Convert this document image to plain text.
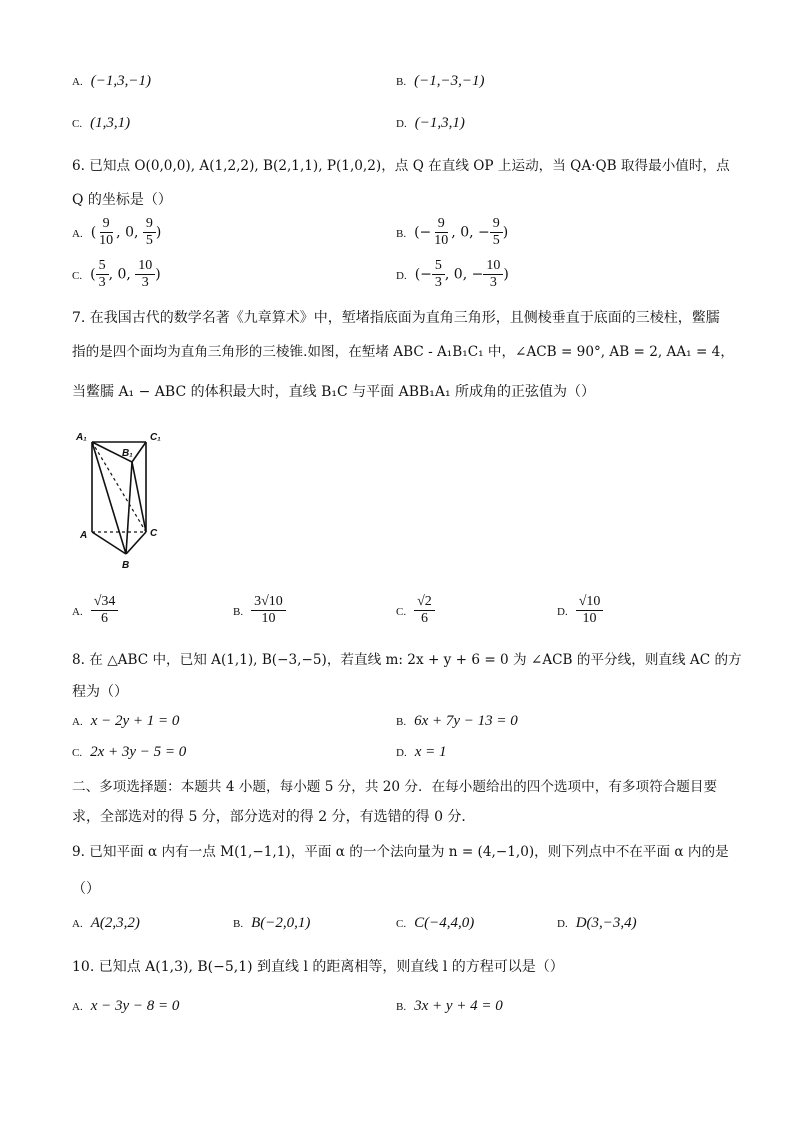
A. (−1,3,−1)	B. (−1,−3,−1)
C. (1,3,1)	D. (−1,3,1)
6. 已知点 O(0,0,0), A(1,2,2), B(2,1,1), P(1,0,2)，点 Q 在直线 OP 上运动，当 QA·QB 取得最小值时，点
Q 的坐标是（）
A. ( $\frac{9}{10}$ , 0, $\frac{9}{5}$ )	B. (− $\frac{9}{10}$ , 0, − $\frac{9}{5}$ )
C. ( $\frac{5}{3}$ , 0, $\frac{10}{3}$ )	D. (− $\frac{5}{3}$ , 0, − $\frac{10}{3}$ )
7. 在我国古代的数学名著《九章算术》中，堑堵指底面为直角三角形，且侧棱垂直于底面的三棱柱，鳖臑
指的是四个面均为直角三角形的三棱锥.如图，在堑堵 ABC - A₁B₁C₁ 中，∠ACB = 90°, AB = 2, AA₁ = 4，
当鳖臑 A₁ − ABC 的体积最大时，直线 B₁C 与平面 ABB₁A₁ 所成角的正弦值为（）
A₁	C₁
B₁
A	C
B
A. $\frac{√34}{6}$	B. $\frac{3√10}{10}$	C. $\frac{√2}{6}$	D. $\frac{√10}{10}$
8. 在 △ABC 中，已知 A(1,1), B(−3,−5)，若直线 m: 2x + y + 6 = 0 为 ∠ACB 的平分线，则直线 AC 的方
程为（）
A. x − 2y + 1 = 0	B. 6x + 7y − 13 = 0
C. 2x + 3y − 5 = 0	D. x = 1
二、多项选择题：本题共 4 小题，每小题 5 分，共 20 分．在每小题给出的四个选项中，有多项符合题目要
求，全部选对的得 5 分，部分选对的得 2 分，有选错的得 0 分．
9. 已知平面 α 内有一点 M(1,−1,1)，平面 α 的一个法向量为 n = (4,−1,0)，则下列点中不在平面 α 内的是
（）
A. A(2,3,2)	B. B(−2,0,1)	C. C(−4,4,0)	D. D(3,−3,4)
10. 已知点 A(1,3), B(−5,1) 到直线 l 的距离相等，则直线 l 的方程可以是（）
A. x − 3y − 8 = 0	B. 3x + y + 4 = 0
